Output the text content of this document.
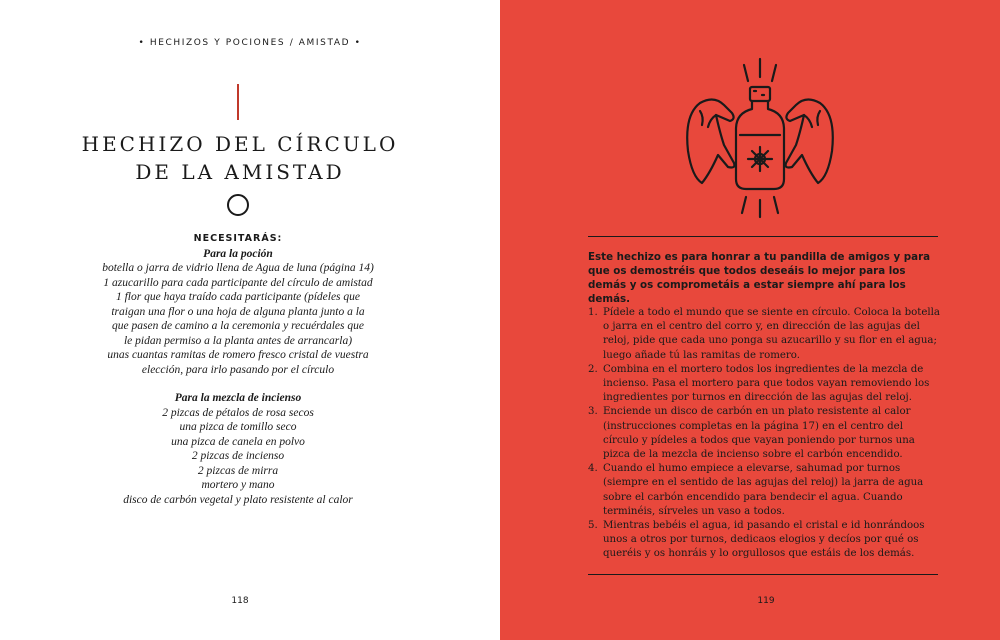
• HECHIZOS Y POCIONES / AMISTAD •
HECHIZO DEL CÍRCULO
DE LA AMISTAD
NECESITARÁS:
Para la poción
botella o jarra de vidrio llena de Agua de luna (página 14)
1 azucarillo para cada participante del círculo de amistad
1 flor que haya traído cada participante (pídeles que
traigan una flor o una hoja de alguna planta junto a la
que pasen de camino a la ceremonia y recuérdales que
le pidan permiso a la planta antes de arrancarla)
unas cuantas ramitas de romero fresco cristal de vuestra
elección, para irlo pasando por el círculo
Para la mezcla de incienso
2 pizcas de pétalos de rosa secos
una pizca de tomillo seco
una pizca de canela en polvo
2 pizcas de incienso
2 pizcas de mirra
mortero y mano
disco de carbón vegetal y plato resistente al calor
118
Este hechizo es para honrar a tu pandilla de amigos y para que os demostréis que todos deseáis lo mejor para los demás y os comprometáis a estar siempre ahí para los demás.
1. Pídele a todo el mundo que se siente en círculo. Coloca la botella o jarra en el centro del corro y, en dirección de las agujas del reloj, pide que cada uno ponga su azucarillo y su flor en el agua; luego añade tú las ramitas de romero.
2. Combina en el mortero todos los ingredientes de la mezcla de incienso. Pasa el mortero para que todos vayan removiendo los ingredientes por turnos en dirección de las agujas del reloj.
3. Enciende un disco de carbón en un plato resistente al calor (instrucciones completas en la página 17) en el centro del círculo y pídeles a todos que vayan poniendo por turnos una pizca de la mezcla de incienso sobre el carbón encendido.
4. Cuando el humo empiece a elevarse, sahumad por turnos (siempre en el sentido de las agujas del reloj) la jarra de agua sobre el carbón encendido para bendecir el agua. Cuando terminéis, sírveles un vaso a todos.
5. Mientras bebéis el agua, id pasando el cristal e id honrándoos unos a otros por turnos, dedicaos elogios y decíos por qué os queréis y os honráis y lo orgullosos que estáis de los demás.
119
